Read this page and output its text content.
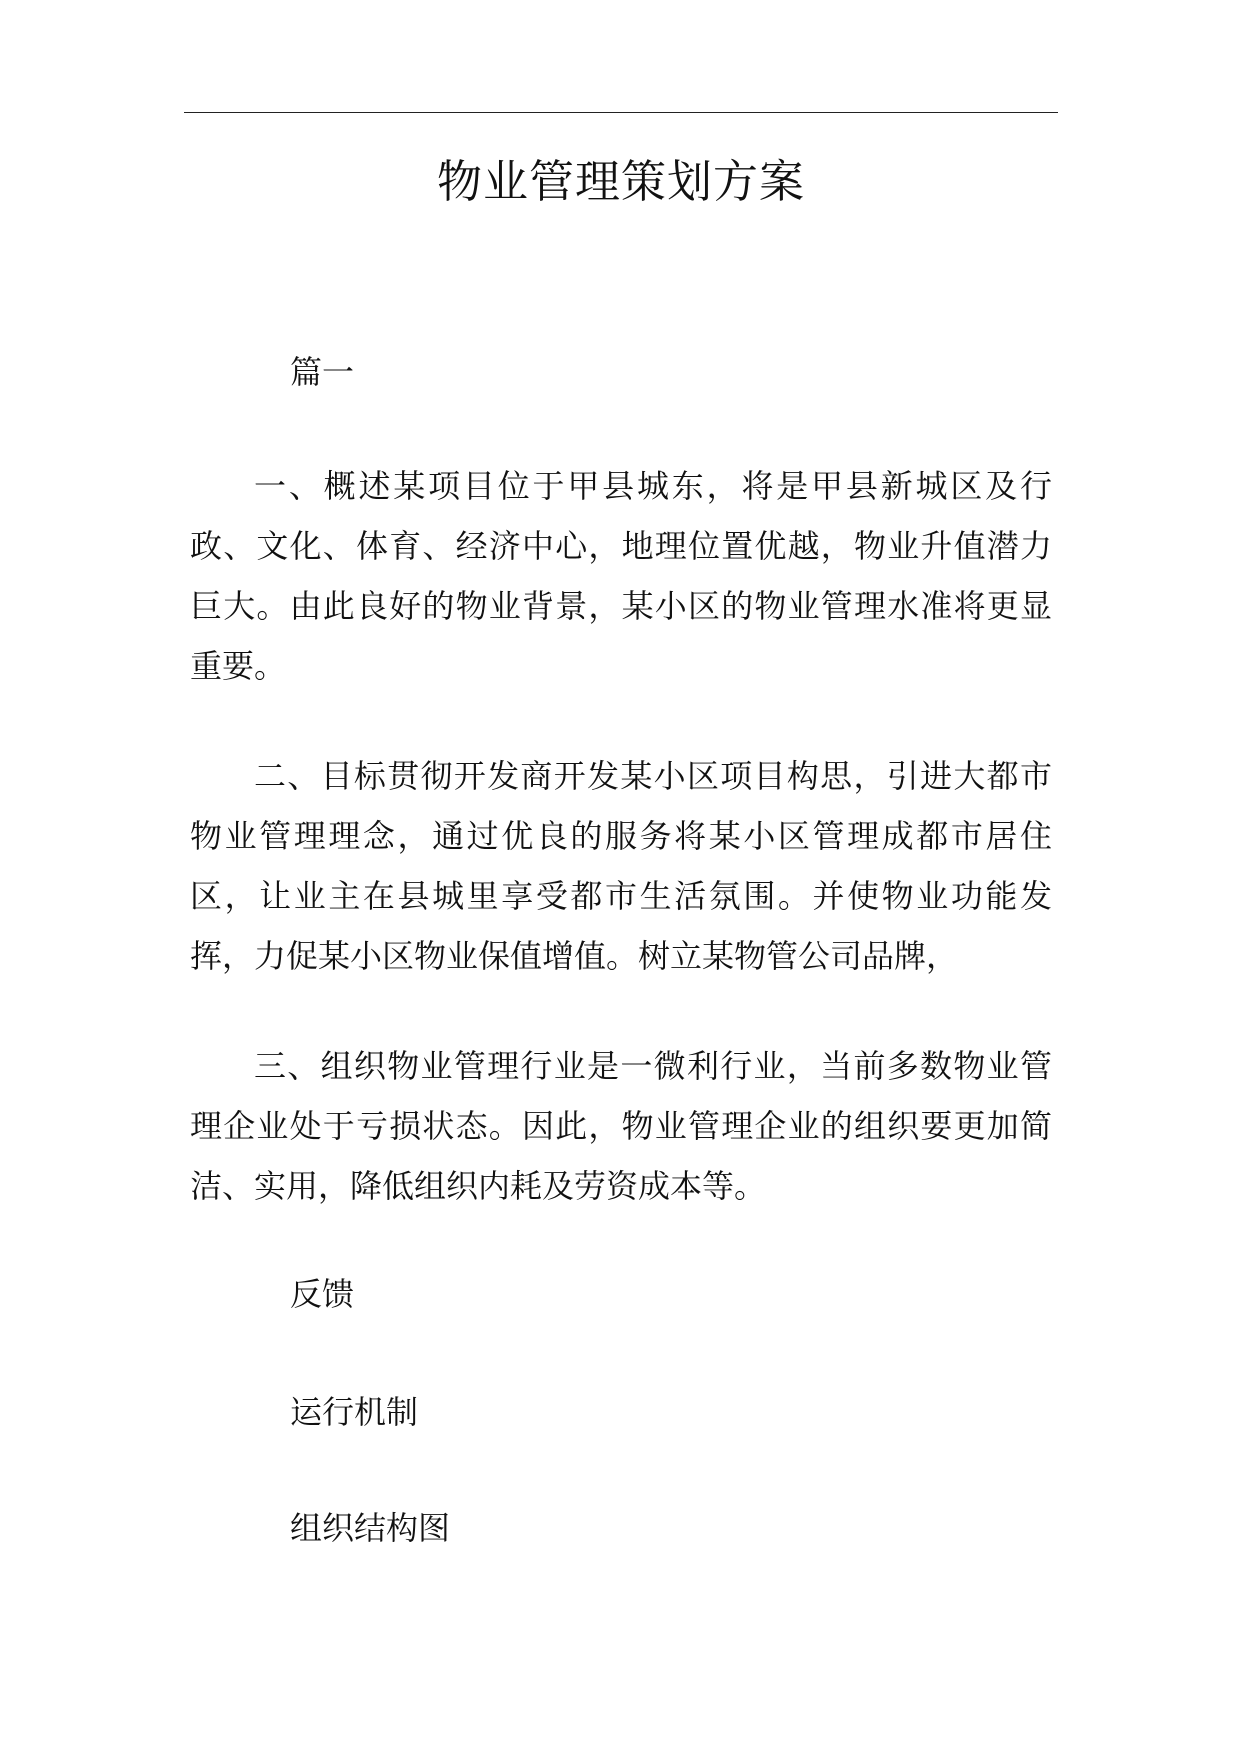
物业管理策划方案

篇一

一、概述某项目位于甲县城东，将是甲县新城区及行政、文化、体育、经济中心，地理位置优越，物业升值潜力巨大。由此良好的物业背景，某小区的物业管理水准将更显重要。

二、目标贯彻开发商开发某小区项目构思，引进大都市物业管理理念，通过优良的服务将某小区管理成都市居住区，让业主在县城里享受都市生活氛围。并使物业功能发挥，力促某小区物业保值增值。树立某物管公司品牌，

三、组织物业管理行业是一微利行业，当前多数物业管理企业处于亏损状态。因此，物业管理企业的组织要更加简洁、实用，降低组织内耗及劳资成本等。

反馈

运行机制

组织结构图
